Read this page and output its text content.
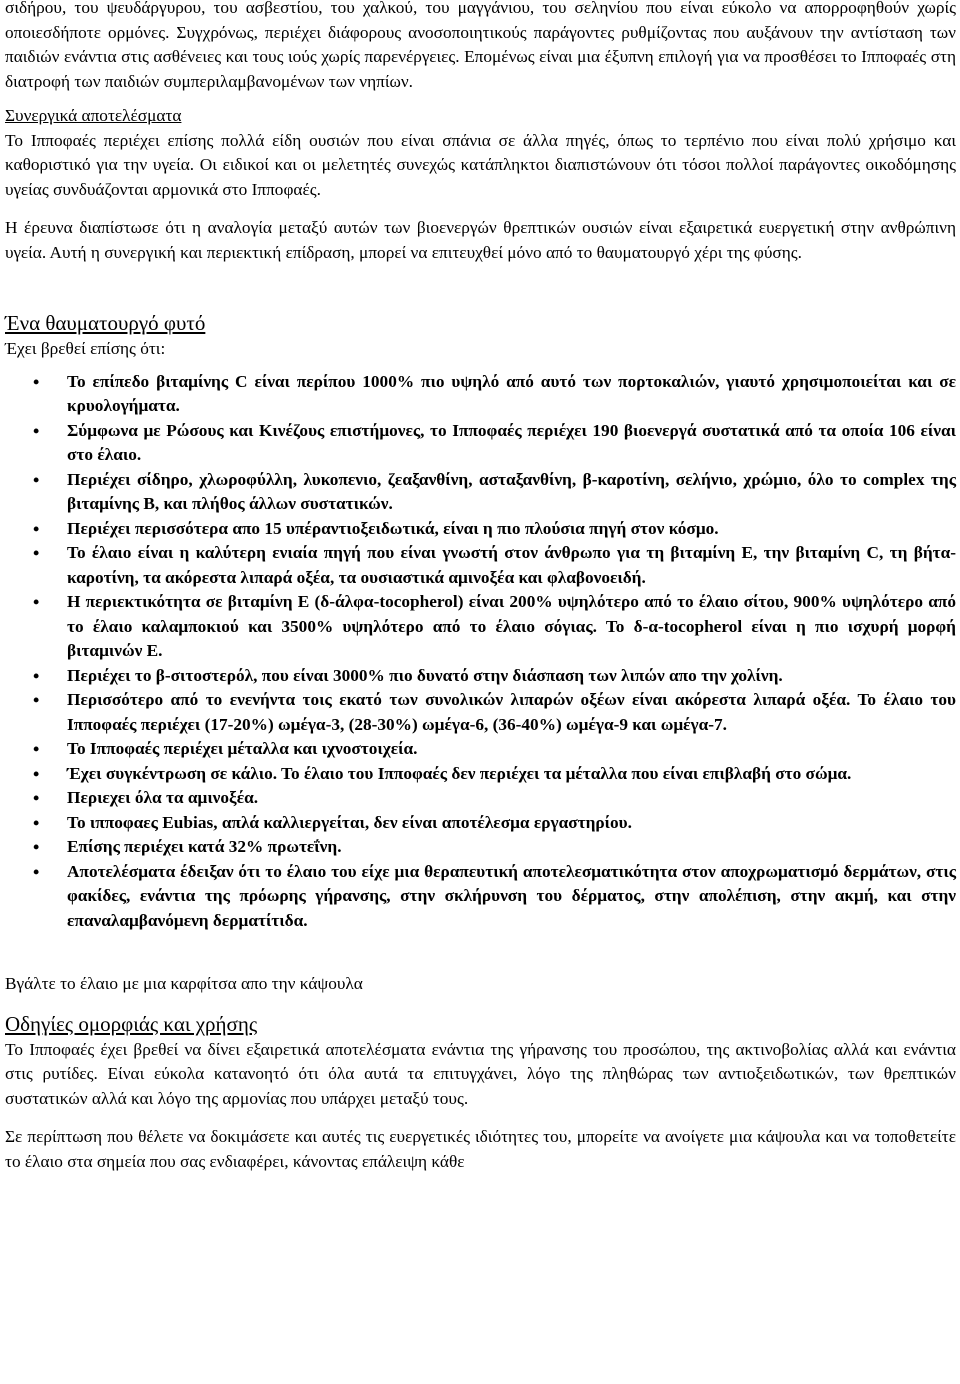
σιδήρου, του ψευδάργυρου, του ασβεστίου, του χαλκού, του μαγγάνιου, του σεληνίου που είναι εύκολο να απορροφηθούν χωρίς οποιεσδήποτε ορμόνες. Συγχρόνως, περιέχει διάφορους ανοσοποιητικούς παράγοντες ρυθμίζοντας που αυξάνουν την αντίσταση των παιδιών ενάντια στις ασθένειες και τους ιούς χωρίς παρενέργειες. Επομένως είναι μια έξυπνη επιλογή για να προσθέσει το Ιπποφαές στη διατροφή των παιδιών συμπεριλαμβανομένων των νηπίων.

Συνεργικά αποτελέσματα

Το Ιπποφαές περιέχει επίσης πολλά είδη ουσιών που είναι σπάνια σε άλλα πηγές, όπως το τερπένιο που είναι πολύ χρήσιμο και καθοριστικό για την υγεία. Οι ειδικοί και οι μελετητές συνεχώς κατάπληκτοι διαπιστώνουν ότι τόσοι πολλοί παράγοντες οικοδόμησης υγείας συνδυάζονται αρμονικά στο Ιπποφαές.

Η έρευνα διαπίστωσε ότι η αναλογία μεταξύ αυτών των βιοενεργών θρεπτικών ουσιών είναι εξαιρετικά ευεργετική στην ανθρώπινη υγεία. Αυτή η συνεργική και περιεκτική επίδραση, μπορεί να επιτευχθεί μόνο από το θαυματουργό χέρι της φύσης.

Ένα θαυματουργό φυτό

Έχει βρεθεί επίσης ότι:

• Το επίπεδο βιταμίνης C είναι περίπου 1000% πιο υψηλό από αυτό των πορτοκαλιών, γιαυτό χρησιμοποιείται και σε κρυολογήματα.
• Σύμφωνα με Ρώσους και Κινέζους επιστήμονες, το Ιπποφαές περιέχει 190 βιοενεργά συστατικά από τα οποία 106 είναι στο έλαιο.
• Περιέχει σίδηρο, χλωροφύλλη, λυκοπενιο, ζεαξανθίνη, ασταξανθίνη, β-καροτίνη, σελήνιο, χρώμιο, όλο το complex της βιταμίνης Β, και πλήθος άλλων συστατικών.
• Περιέχει περισσότερα απο 15 υπέραντιοξειδωτικά, είναι η πιο πλούσια πηγή στον κόσμο.
• Το έλαιο είναι η καλύτερη ενιαία πηγή που είναι γνωστή στον άνθρωπο για τη βιταμίνη Ε, την βιταμίνη C, τη βήτα-καροτίνη, τα ακόρεστα λιπαρά οξέα, τα ουσιαστικά αμινοξέα και φλαβονοειδή.
• Η περιεκτικότητα σε βιταμίνη Ε (δ-άλφα-tocopherol) είναι 200% υψηλότερο από το έλαιο σίτου, 900% υψηλότερο από το έλαιο καλαμποκιού και 3500% υψηλότερο από το έλαιο σόγιας. Το δ-α-tocopherol είναι η πιο ισχυρή μορφή βιταμινών Ε.
• Περιέχει το β-σιτοστερόλ, που είναι 3000% πιο δυνατό στην διάσπαση των λιπών απο την χολίνη.
• Περισσότερο από το ενενήντα τοις εκατό των συνολικών λιπαρών οξέων είναι ακόρεστα λιπαρά οξέα. Το έλαιο του Ιπποφαές περιέχει (17-20%) ωμέγα-3, (28-30%) ωμέγα-6, (36-40%) ωμέγα-9 και ωμέγα-7.
• Το Ιπποφαές περιέχει μέταλλα και ιχνοστοιχεία.
• Έχει συγκέντρωση σε κάλιο. Το έλαιο του Ιπποφαές δεν περιέχει τα μέταλλα που είναι επιβλαβή στο σώμα.
• Περιεχει όλα τα αμινοξέα.
• Το ιπποφαες Eubias, απλά καλλιεργείται, δεν είναι αποτέλεσμα εργαστηρίου.
• Επίσης περιέχει κατά 32% πρωτεΐνη.
• Αποτελέσματα έδειξαν ότι το έλαιο του είχε μια θεραπευτική αποτελεσματικότητα στον αποχρωματισμό δερμάτων, στις φακίδες, ενάντια της πρόωρης γήρανσης, στην σκλήρυνση του δέρματος, στην απολέπιση, στην ακμή, και στην επαναλαμβανόμενη δερματίτιδα.

Βγάλτε το έλαιο με μια καρφίτσα απο την κάψουλα

Οδηγίες ομορφιάς και χρήσης

Το Ιπποφαές έχει βρεθεί να δίνει εξαιρετικά αποτελέσματα ενάντια της γήρανσης του προσώπου, της ακτινοβολίας αλλά και ενάντια στις ρυτίδες. Είναι εύκολα κατανοητό ότι όλα αυτά τα επιτυγχάνει, λόγο της πληθώρας των αντιοξειδωτικών, των θρεπτικών συστατικών αλλά και λόγο της αρμονίας που υπάρχει μεταξύ τους.

Σε περίπτωση που θέλετε να δοκιμάσετε και αυτές τις ευεργετικές ιδιότητες του, μπορείτε να ανοίγετε μια κάψουλα και να τοποθετείτε το έλαιο στα σημεία που σας ενδιαφέρει, κάνοντας επάλειψη κάθε
